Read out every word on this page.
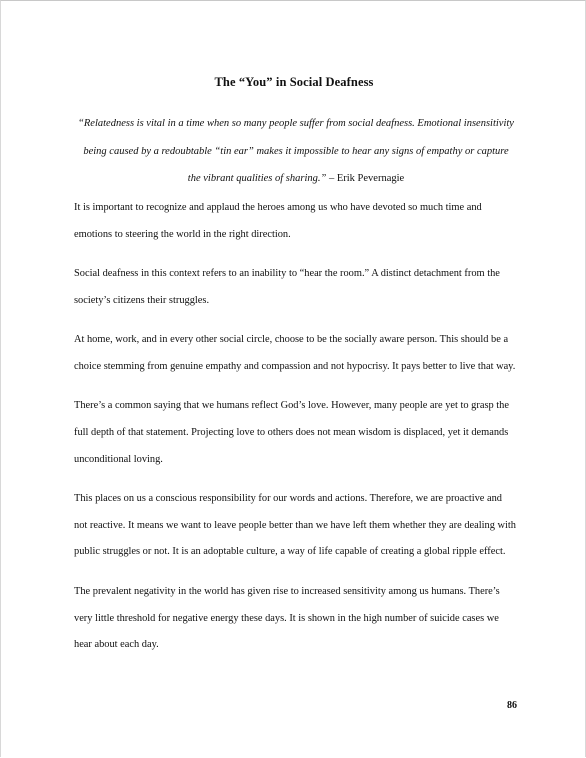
The “You” in Social Deafness
“Relatedness is vital in a time when so many people suffer from social deafness. Emotional insensitivity being caused by a redoubtable “tin ear” makes it impossible to hear any signs of empathy or capture the vibrant qualities of sharing.” – Erik Pevernagie

It is important to recognize and applaud the heroes among us who have devoted so much time and emotions to steering the world in the right direction.

Social deafness in this context refers to an inability to “hear the room.” A distinct detachment from the society’s citizens their struggles.

At home, work, and in every other social circle, choose to be the socially aware person. This should be a choice stemming from genuine empathy and compassion and not hypocrisy. It pays better to live that way.

There’s a common saying that we humans reflect God’s love. However, many people are yet to grasp the full depth of that statement. Projecting love to others does not mean wisdom is displaced, yet it demands unconditional loving.

This places on us a conscious responsibility for our words and actions. Therefore, we are proactive and not reactive. It means we want to leave people better than we have left them whether they are dealing with public struggles or not. It is an adoptable culture, a way of life capable of creating a global ripple effect.

The prevalent negativity in the world has given rise to increased sensitivity among us humans. There’s very little threshold for negative energy these days. It is shown in the high number of suicide cases we hear about each day.

86
